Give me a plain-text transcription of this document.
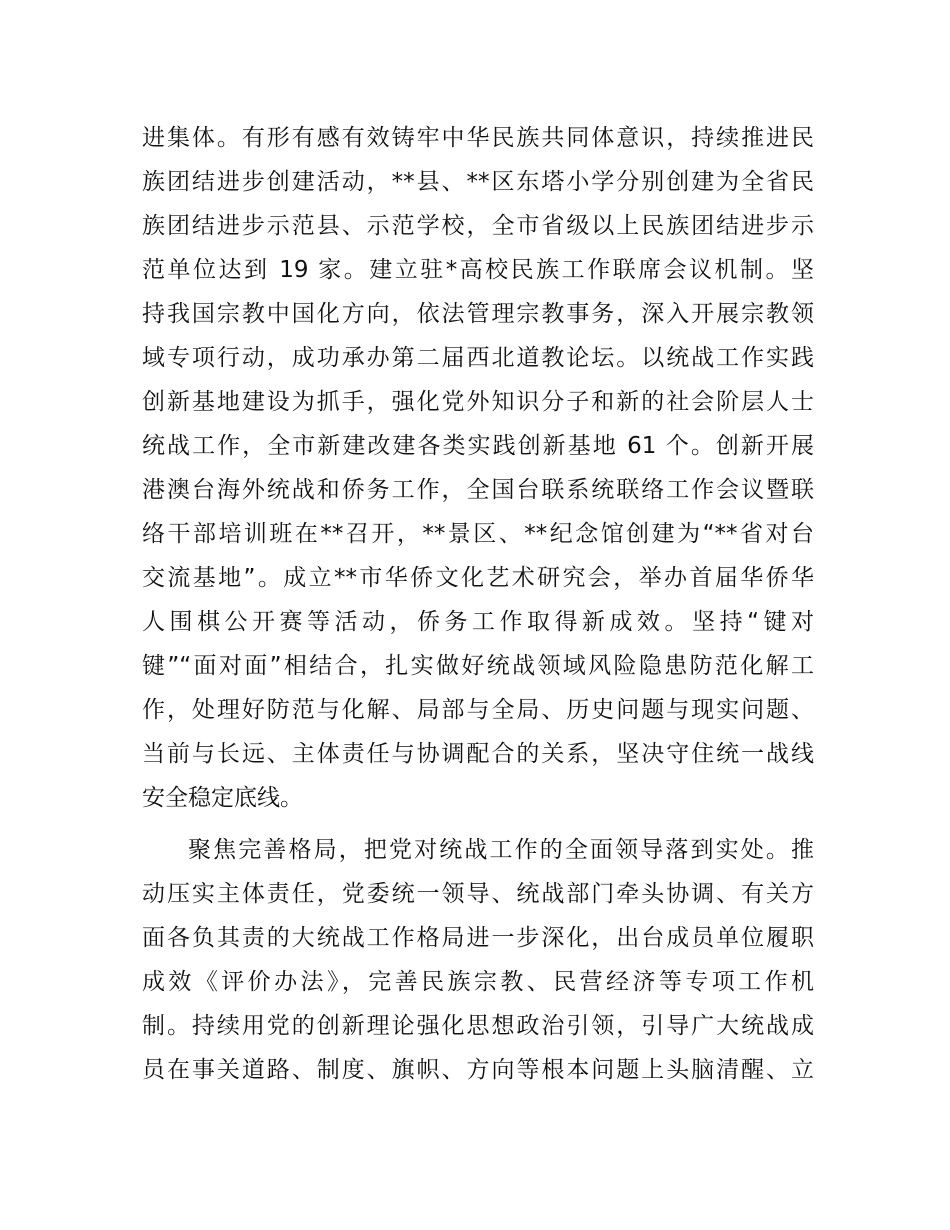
进集体。有形有感有效铸牢中华民族共同体意识，持续推进民
族团结进步创建活动，**县、**区东塔小学分别创建为全省民
族团结进步示范县、示范学校，全市省级以上民族团结进步示
范单位达到 19 家。建立驻*高校民族工作联席会议机制。坚
持我国宗教中国化方向，依法管理宗教事务，深入开展宗教领
域专项行动，成功承办第二届西北道教论坛。以统战工作实践
创新基地建设为抓手，强化党外知识分子和新的社会阶层人士
统战工作，全市新建改建各类实践创新基地 61 个。创新开展
港澳台海外统战和侨务工作，全国台联系统联络工作会议暨联
络干部培训班在**召开，**景区、**纪念馆创建为“**省对台
交流基地”。成立**市华侨文化艺术研究会，举办首届华侨华
人围棋公开赛等活动，侨务工作取得新成效。坚持“键对
键”“面对面”相结合，扎实做好统战领域风险隐患防范化解工
作，处理好防范与化解、局部与全局、历史问题与现实问题、
当前与长远、主体责任与协调配合的关系，坚决守住统一战线
安全稳定底线。
聚焦完善格局，把党对统战工作的全面领导落到实处。推
动压实主体责任，党委统一领导、统战部门牵头协调、有关方
面各负其责的大统战工作格局进一步深化，出台成员单位履职
成效《评价办法》，完善民族宗教、民营经济等专项工作机
制。持续用党的创新理论强化思想政治引领，引导广大统战成
员在事关道路、制度、旗帜、方向等根本问题上头脑清醒、立
